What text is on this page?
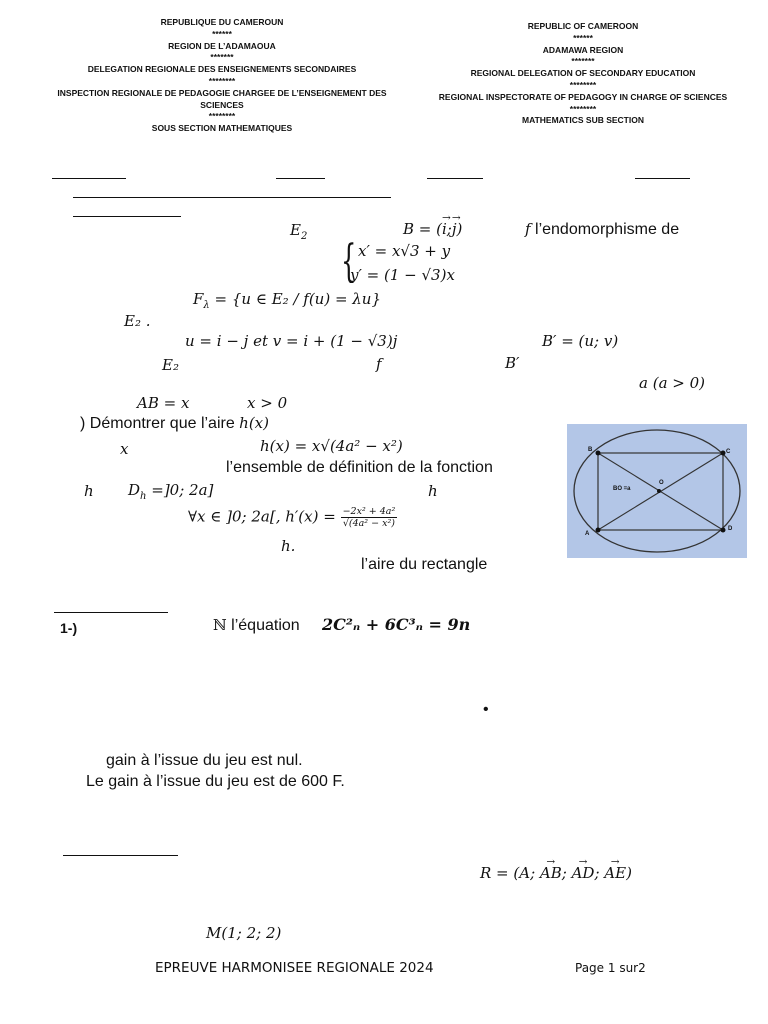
REPUBLIQUE DU CAMEROUN
******
REGION DE L’ADAMAOUA
*******
DELEGATION REGIONALE DES ENSEIGNEMENTS SECONDAIRES
********
INSPECTION REGIONALE DE PEDAGOGIE CHARGEE DE L’ENSEIGNEMENT DES
SCIENCES
********
SOUS SECTION MATHEMATIQUES
REPUBLIC OF CAMEROON
******
ADAMAWA REGION
*******
REGIONAL DELEGATION OF SECONDARY EDUCATION
********
REGIONAL INSPECTORATE OF PEDAGOGY IN CHARGE OF SCIENCES
********
MATHEMATICS SUB SECTION
$E_2$	B = (→ i;→ j)	f l’endomorphisme de
{ x′ = x√3 + y
y′ = (1 − √3)x
$F_\lambda = \{u$ ∈ E₂ / f(u) = λu}
E₂ .
u = i − j et v = i + (1 − √3)j	B′ = (u; v)
E₂	f	B′
a (a > 0)
AB = x	x > 0
) Démontrer que l’aire h(x)
x	h(x) = x√(4a² − x²)
l’ensemble de définition de la fonction
h $D_h =]0$; 2a]	h
∀x ∈ ]0; 2a[, $h'(x) = \frac{\text{−2x² + 4a²}}{\text{√(4a² − x²)}}$
h.
l’aire du rectangle
B	C
A
D
O
BO =a
1-)	ℕ l’équation 2C²ₙ + 6C³ₙ = 9n
•
gain à l’issue du jeu est nul.
Le gain à l’issue du jeu est de 600 F.
R = (A; → AB; → AD; → AE)
M(1; 2; 2)
EPREUVE HARMONISEE REGIONALE 2024	Page 1 sur2
